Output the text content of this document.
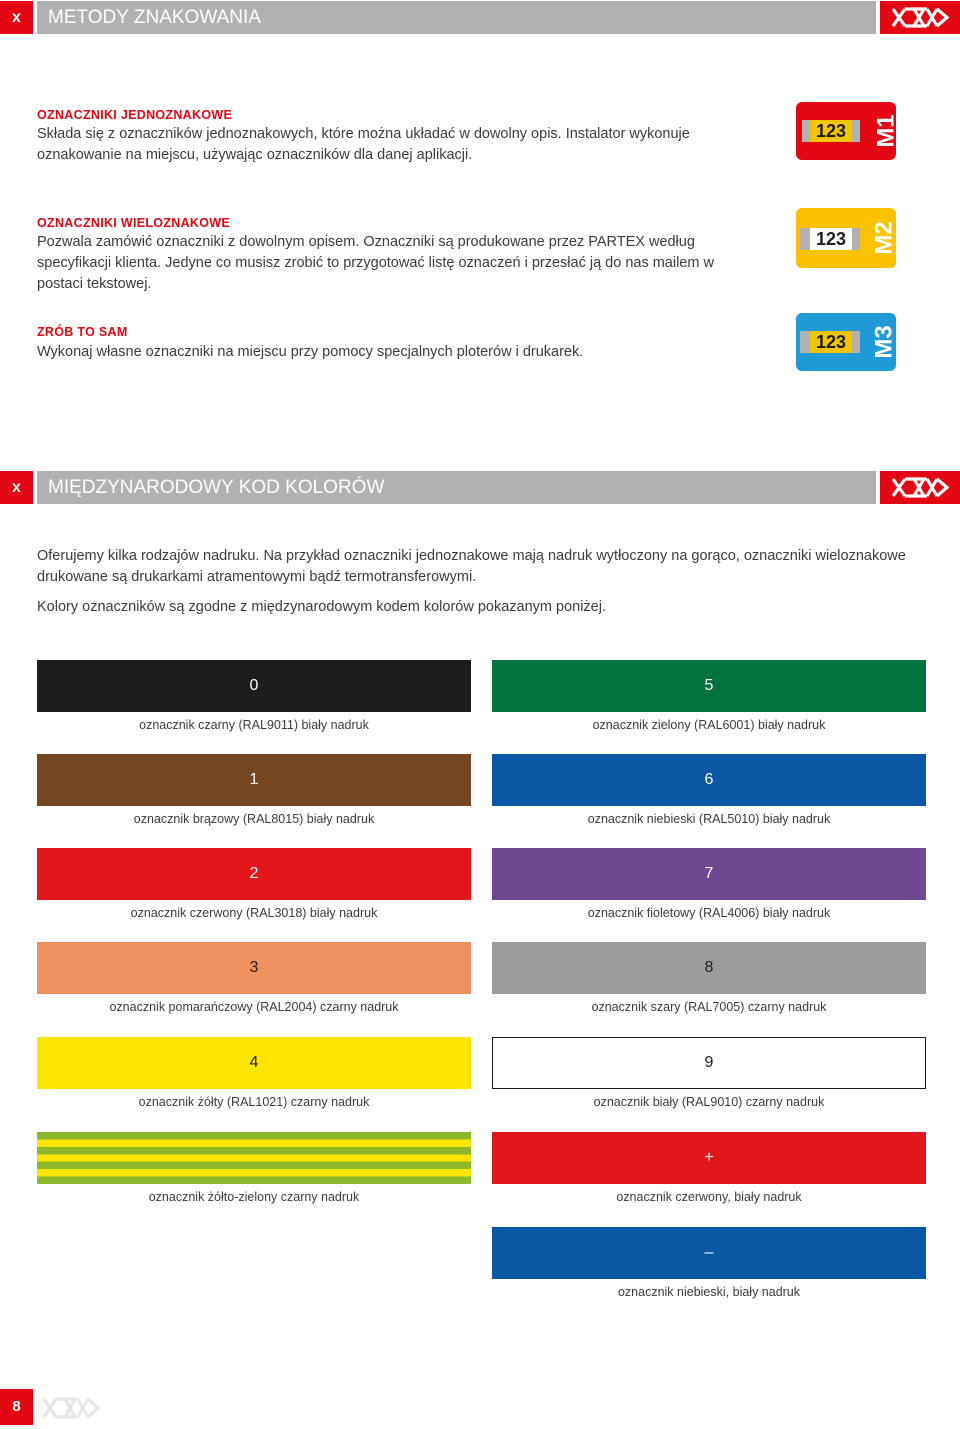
x	METODY ZNAKOWANIA
OZNACZNIKI JEDNOZNAKOWE
Składa się z oznaczników jednoznakowych, które można układać w dowolny opis. Instalator wykonuje oznakowanie na miejscu, używając oznaczników dla danej aplikacji.
OZNACZNIKI WIELOZNAKOWE
Pozwala zamówić oznaczniki z dowolnym opisem. Oznaczniki są produkowane przez PARTEX według specyfikacji klienta. Jedyne co musisz zrobić to przygotować listę oznaczeń i przesłać ją do nas mailem w postaci tekstowej.
ZRÓB TO SAM
Wykonaj własne oznaczniki na miejscu przy pomocy specjalnych ploterów i drukarek.
123 M1
123 M2
123 M3
x	MIĘDZYNARODOWY KOD KOLORÓW
Oferujemy kilka rodzajów nadruku. Na przykład oznaczniki jednoznakowe mają nadruk wytłoczony na gorąco, oznaczniki wieloznakowe drukowane są drukarkami atramentowymi bądź termotransferowymi.
Kolory oznaczników są zgodne z międzynarodowym kodem kolorów pokazanym poniżej.
0
oznacznik czarny (RAL9011) biały nadruk
5
oznacznik zielony (RAL6001) biały nadruk
1
oznacznik brązowy (RAL8015) biały nadruk
6
oznacznik niebieski (RAL5010) biały nadruk
2
oznacznik czerwony (RAL3018) biały nadruk
7
oznacznik fioletowy (RAL4006) biały nadruk
3
oznacznik pomarańczowy (RAL2004) czarny nadruk
8
oznacznik szary (RAL7005) czarny nadruk
4
oznacznik żółty (RAL1021) czarny nadruk
9
oznacznik biały (RAL9010) czarny nadruk
oznacznik żółto-zielony czarny nadruk
+
oznacznik czerwony, biały nadruk
–
oznacznik niebieski, biały nadruk
8
